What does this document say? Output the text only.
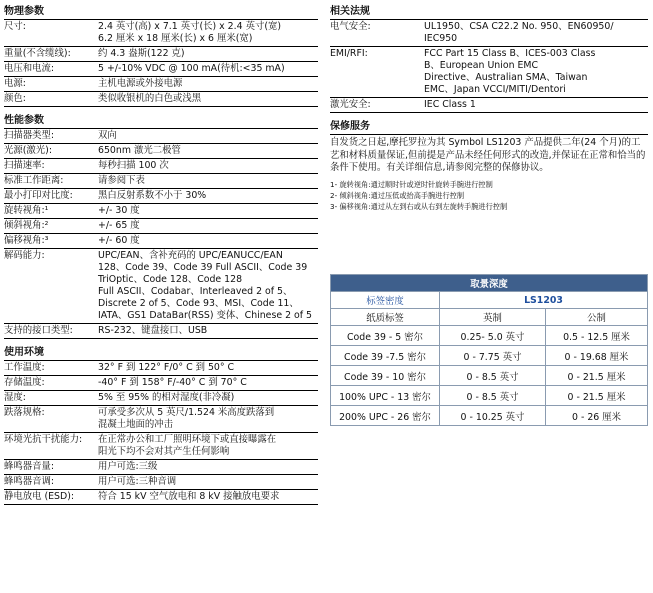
物理参数
尺寸:	2.4 英寸(高) x 7.1 英寸(长) x 2.4 英寸(宽)
6.2 厘米 x 18 厘米(长) x 6 厘米(宽)
重量(不含缆线):	约 4.3 盎斯(122 克)
电压和电流:	5 +/-10% VDC @ 100 mA(待机:<35 mA)
电源:	主机电源或外接电源
颜色:	类似收银机的白色或浅黑
性能参数
扫描器类型:	双向
光源(激光):	650nm 激光二极管
扫描速率:	每秒扫描 100 次
标准工作距离:	请参阅下表
最小打印对比度:	黑白反射系数不小于 30%
旋转视角:¹	+/- 30 度
倾斜视角:²	+/- 65 度
偏移视角:³	+/- 60 度
解码能力:	UPC/EAN、含补充码的 UPC/EANUCC/EAN
128、Code 39、Code 39 Full ASCII、Code 39
TriOptic、Code 128、Code 128
Full ASCII、Codabar、Interleaved 2 of 5、
Discrete 2 of 5、Code 93、MSI、Code 11、
IATA、GS1 DataBar(RSS) 变体、Chinese 2 of 5
支持的接口类型:	RS-232、键盘接口、USB
使用环境
工作温度:	32° F 到 122° F/0° C 到 50° C
存储温度:	-40° F 到 158° F/-40° C 到 70° C
湿度:	5% 至 95% 的相对湿度(非冷凝)
跌落规格:	可承受多次从 5 英尺/1.524 米高度跌落到
混凝土地面的冲击
环境光抗干扰能力:	在正常办公和工厂照明环境下或直接曝露在
阳光下均不会对其产生任何影响
蜂鸣器音量:	用户可选:三级
蜂鸣器音调:	用户可选:三种音调
静电放电 (ESD):	符合 15 kV 空气放电和 8 kV 接触放电要求
相关法规
电气安全:	UL1950、CSA C22.2 No. 950、EN60950/
IEC950
EMI/RFI:	FCC Part 15 Class B、ICES-003 Class
B、European Union EMC
Directive、Australian SMA、Taiwan
EMC、Japan VCCI/MITI/Dentori
激光安全:	IEC Class 1
保修服务
自发货之日起,摩托罗拉为其 Symbol LS1203 产品提供二年(24 个月)的工艺和材料质量保证,但前提是产品未经任何形式的改造,并保证在正常和恰当的条件下使用。有关详细信息,请参阅完整的保修协议。
1- 旋转视角:通过顺时针或逆时针旋转手腕进行控制
2- 倾斜视角:通过压低或抬高手腕进行控制
3- 偏移视角:通过从左到右或从右到左旋转手腕进行控制
取景深度		
标签密度	LS1203	
纸质标签	英制	公制
Code 39 - 5 密尔	0.25- 5.0 英寸	0.5 - 12.5 厘米
Code 39 -7.5 密尔	0 - 7.75 英寸	0 - 19.68 厘米
Code 39 - 10 密尔	0 - 8.5 英寸	0 - 21.5 厘米
100% UPC - 13 密尔	0 - 8.5 英寸	0 - 21.5 厘米
200% UPC - 26 密尔	0 - 10.25 英寸	0 - 26 厘米
